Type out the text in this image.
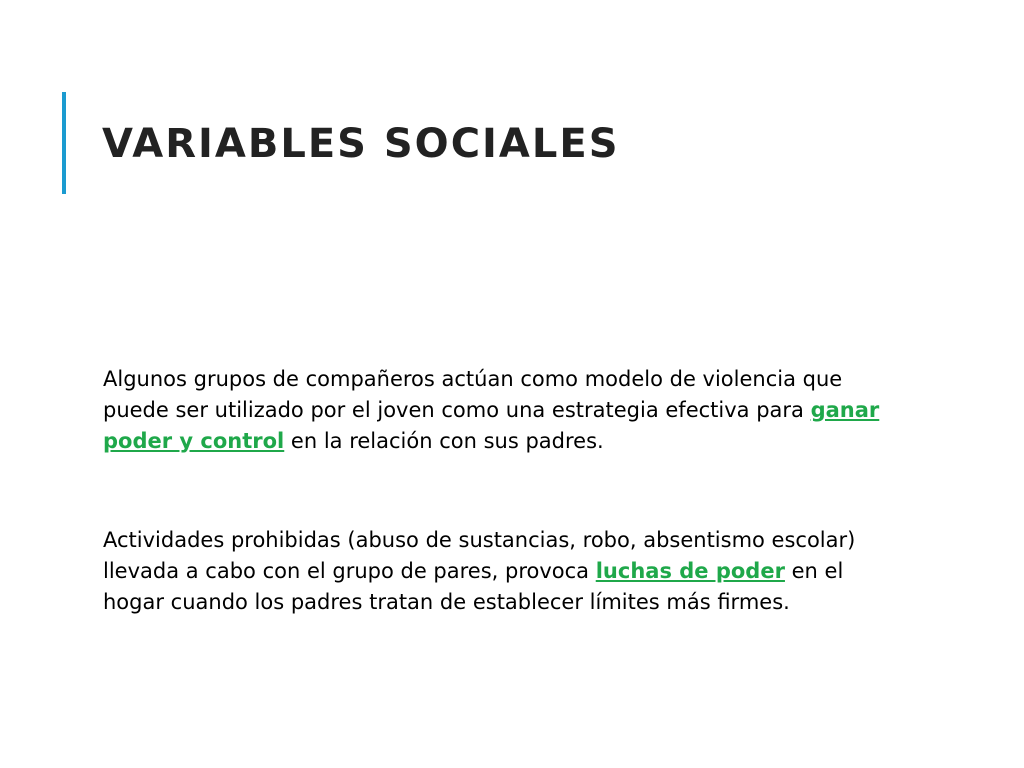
VARIABLES SOCIALES

Algunos grupos de compañeros actúan como modelo de violencia que puede ser utilizado por el joven como una estrategia efectiva para ganar poder y control en la relación con sus padres.

Actividades prohibidas (abuso de sustancias, robo, absentismo escolar) llevada a cabo con el grupo de pares, provoca luchas de poder en el hogar cuando los padres tratan de establecer límites más firmes.
